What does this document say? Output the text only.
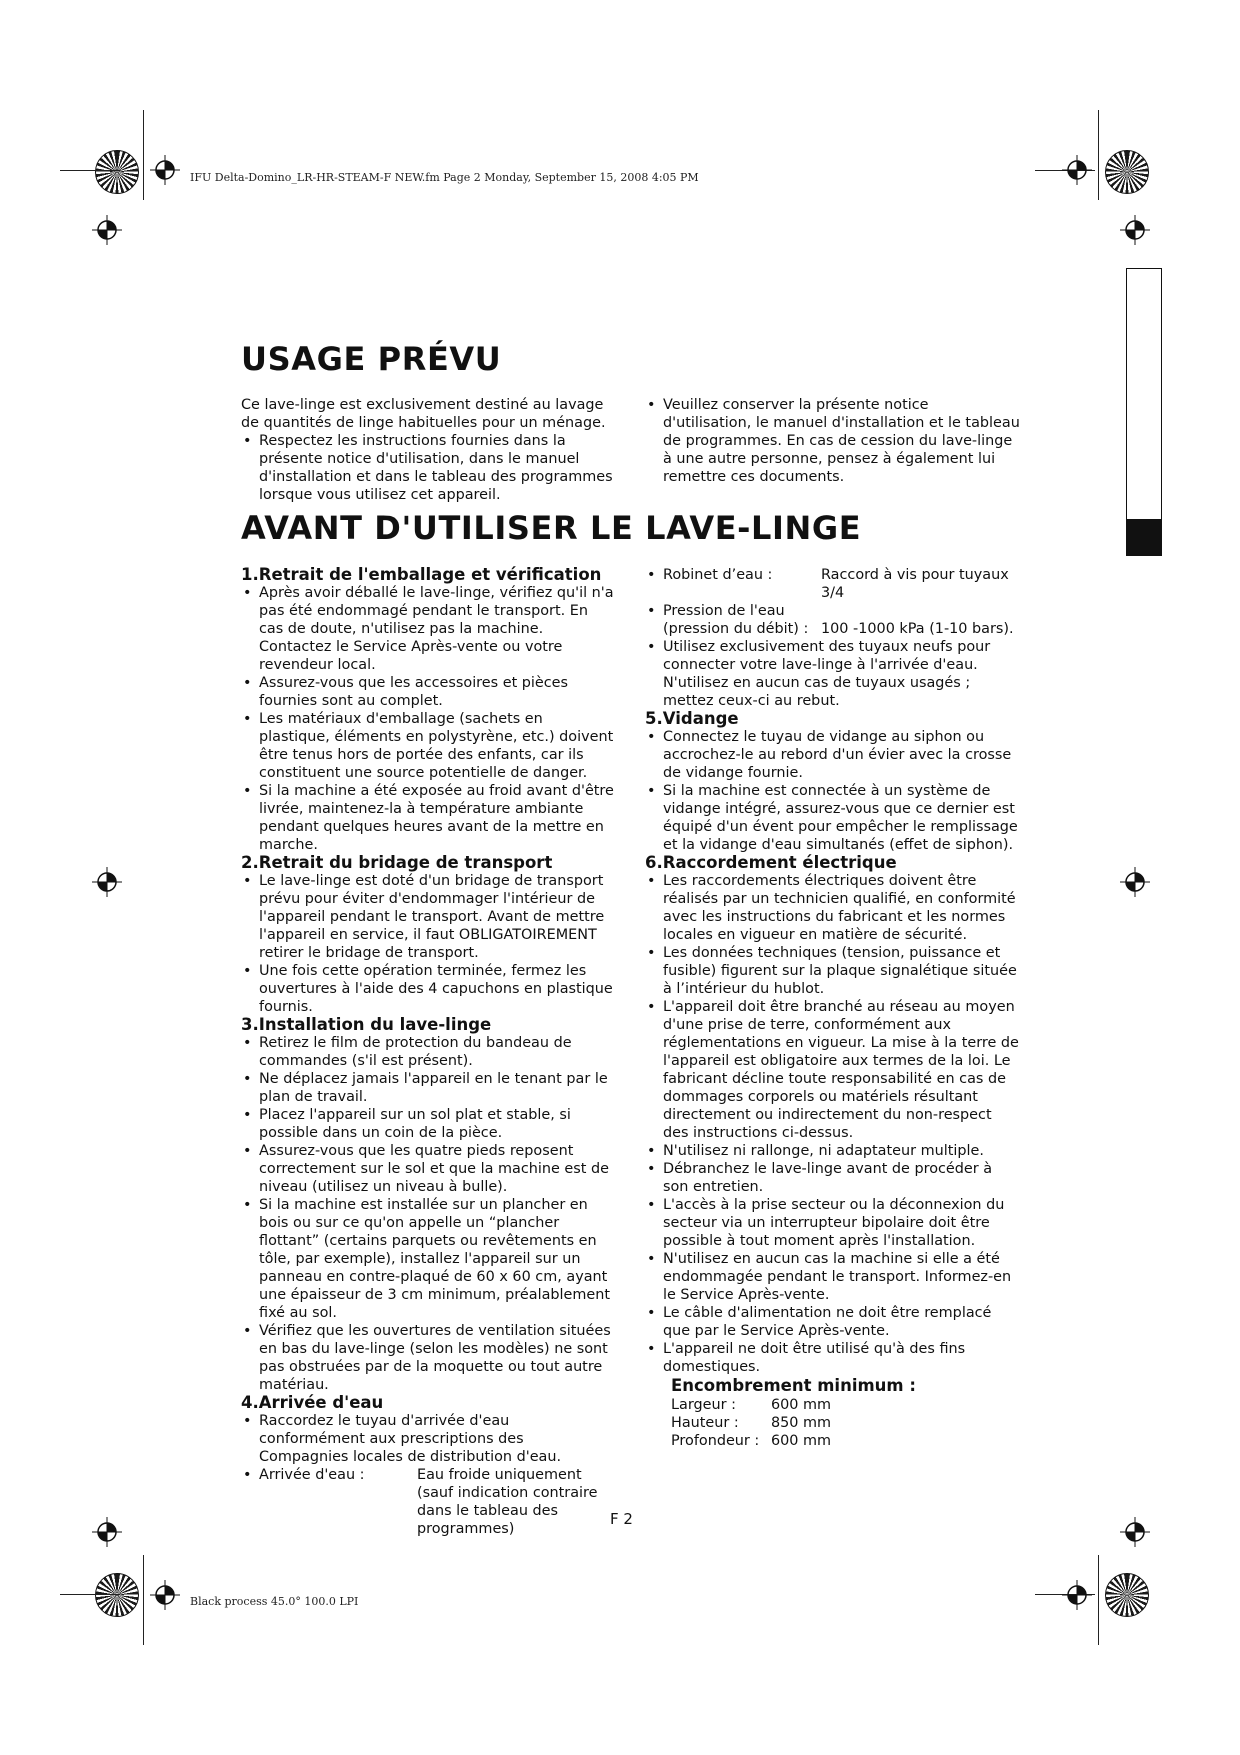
IFU Delta-Domino_LR-HR-STEAM-F NEW.fm Page 2 Monday, September 15, 2008 4:05 PM
Black process 45.0° 100.0 LPI
USAGE PRÉVU

Ce lave-linge est exclusivement destiné au lavage de quantités de linge habituelles pour un ménage.

• Respectez les instructions fournies dans la présente notice d'utilisation, dans le manuel d'installation et dans le tableau des programmes lorsque vous utilisez cet appareil.
• Veuillez conserver la présente notice d'utilisation, le manuel d'installation et le tableau de programmes. En cas de cession du lave-linge à une autre personne, pensez à également lui remettre ces documents.
AVANT D'UTILISER LE LAVE-LINGE
1.Retrait de l'emballage et vérification
• Après avoir déballé le lave-linge, vérifiez qu'il n'a pas été endommagé pendant le transport. En cas de doute, n'utilisez pas la machine. Contactez le Service Après-vente ou votre revendeur local.
• Assurez-vous que les accessoires et pièces fournies sont au complet.
• Les matériaux d'emballage (sachets en plastique, éléments en polystyrène, etc.) doivent être tenus hors de portée des enfants, car ils constituent une source potentielle de danger.
• Si la machine a été exposée au froid avant d'être livrée, maintenez-la à température ambiante pendant quelques heures avant de la mettre en marche.
2.Retrait du bridage de transport
• Le lave-linge est doté d'un bridage de transport prévu pour éviter d'endommager l'intérieur de l'appareil pendant le transport. Avant de mettre l'appareil en service, il faut OBLIGATOIREMENT retirer le bridage de transport.
• Une fois cette opération terminée, fermez les ouvertures à l'aide des 4 capuchons en plastique fournis.
3.Installation du lave-linge
• Retirez le film de protection du bandeau de commandes (s'il est présent).
• Ne déplacez jamais l'appareil en le tenant par le plan de travail.
• Placez l'appareil sur un sol plat et stable, si possible dans un coin de la pièce.
• Assurez-vous que les quatre pieds reposent correctement sur le sol et que la machine est de niveau (utilisez un niveau à bulle).
• Si la machine est installée sur un plancher en bois ou sur ce qu'on appelle un “plancher flottant” (certains parquets ou revêtements en tôle, par exemple), installez l'appareil sur un panneau en contre-plaqué de 60 x 60 cm, ayant une épaisseur de 3 cm minimum, préalablement fixé au sol.
• Vérifiez que les ouvertures de ventilation situées en bas du lave-linge (selon les modèles) ne sont pas obstruées par de la moquette ou tout autre matériau.
4.Arrivée d'eau
• Raccordez le tuyau d'arrivée d'eau conformément aux prescriptions des Compagnies locales de distribution d'eau.
• Arrivée d'eau :	Eau froide uniquement (sauf indication contraire dans le tableau des programmes)
• Robinet d’eau :	Raccord à vis pour tuyaux 3/4
• Pression de l'eau
(pression du débit) : 100 -1000 kPa (1-10 bars).
• Utilisez exclusivement des tuyaux neufs pour connecter votre lave-linge à l'arrivée d'eau. N'utilisez en aucun cas de tuyaux usagés ; mettez ceux-ci au rebut.
5.Vidange
• Connectez le tuyau de vidange au siphon ou accrochez-le au rebord d'un évier avec la crosse de vidange fournie.
• Si la machine est connectée à un système de vidange intégré, assurez-vous que ce dernier est équipé d'un évent pour empêcher le remplissage et la vidange d'eau simultanés (effet de siphon).
6.Raccordement électrique
• Les raccordements électriques doivent être réalisés par un technicien qualifié, en conformité avec les instructions du fabricant et les normes locales en vigueur en matière de sécurité.
• Les données techniques (tension, puissance et fusible) figurent sur la plaque signalétique située à l’intérieur du hublot.
• L'appareil doit être branché au réseau au moyen d'une prise de terre, conformément aux réglementations en vigueur. La mise à la terre de l'appareil est obligatoire aux termes de la loi. Le fabricant décline toute responsabilité en cas de dommages corporels ou matériels résultant directement ou indirectement du non-respect des instructions ci-dessus.
• N'utilisez ni rallonge, ni adaptateur multiple.
• Débranchez le lave-linge avant de procéder à son entretien.
• L'accès à la prise secteur ou la déconnexion du secteur via un interrupteur bipolaire doit être possible à tout moment après l'installation.
• N'utilisez en aucun cas la machine si elle a été endommagée pendant le transport. Informez-en le Service Après-vente.
• Le câble d'alimentation ne doit être remplacé que par le Service Après-vente.
• L'appareil ne doit être utilisé qu'à des fins domestiques.
Encombrement minimum :
Largeur :	600 mm
Hauteur :	850 mm
Profondeur : 600 mm
F 2
